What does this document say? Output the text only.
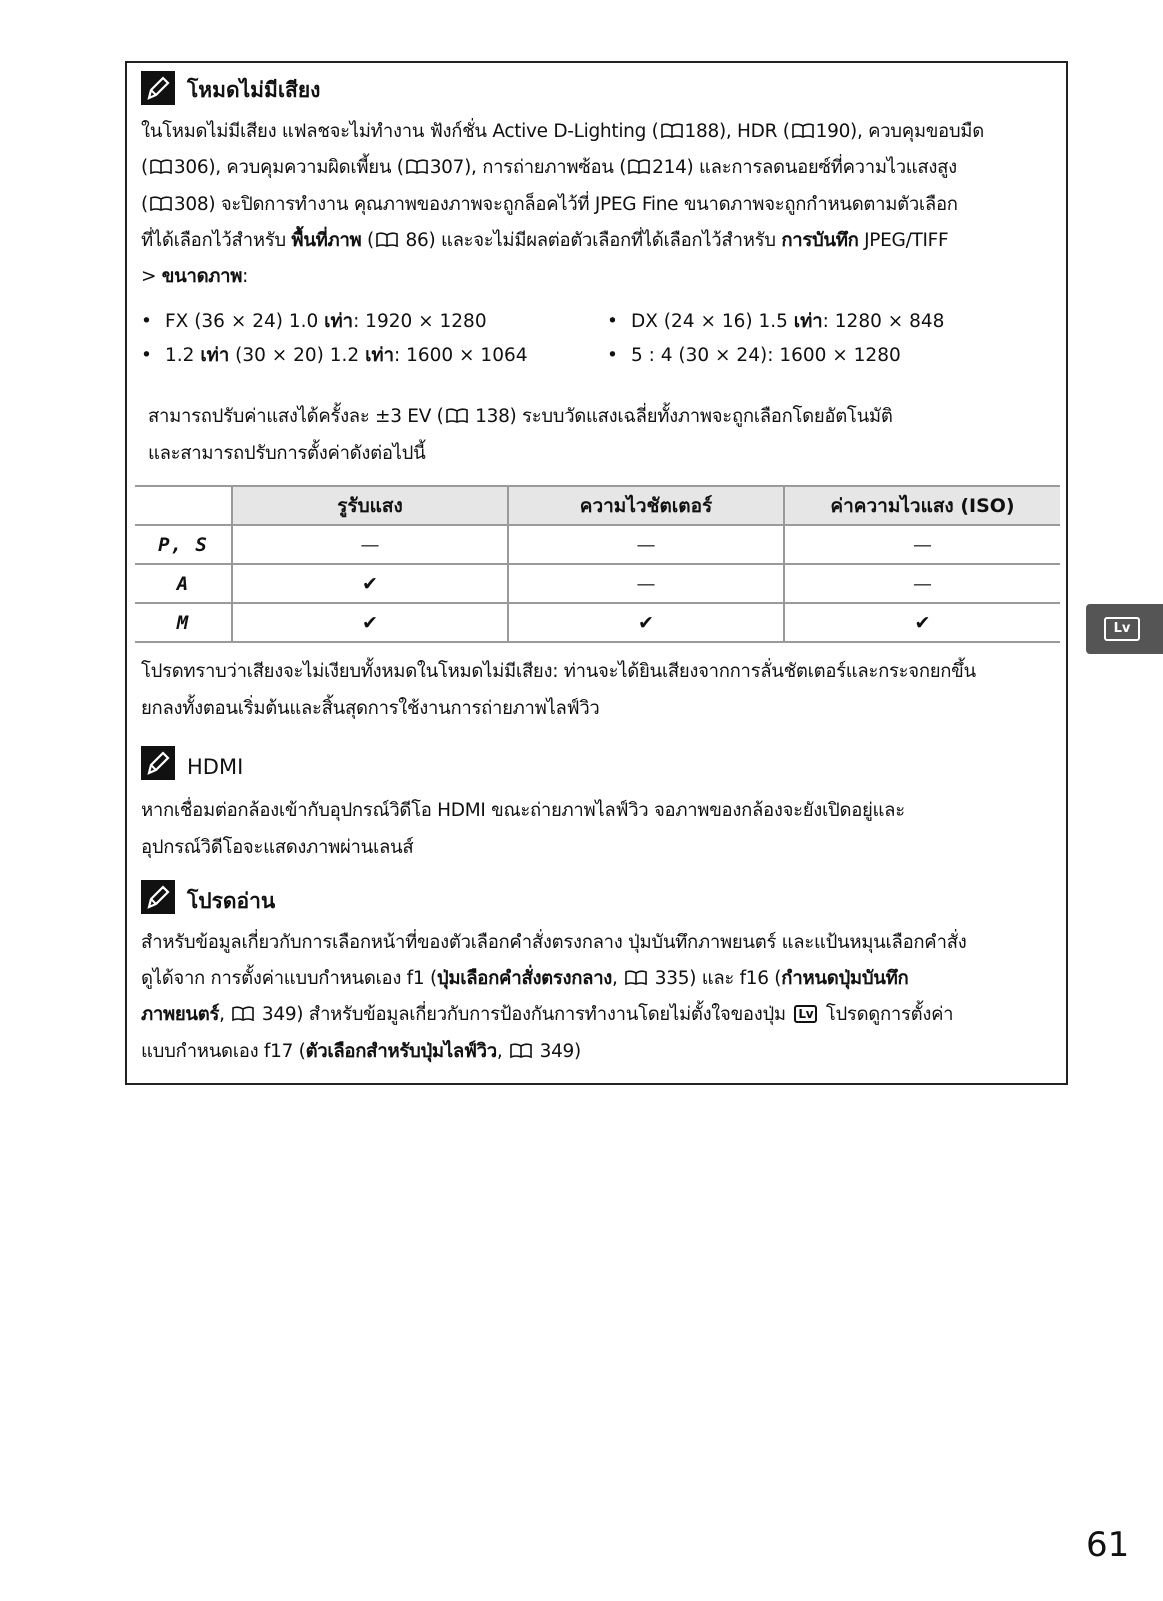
โหมดไม่มีเสียง
ในโหมดไม่มีเสียง แฟลชจะไม่ทำงาน ฟังก์ชั่น Active D-Lighting ( 188), HDR ( 190), ควบคุมขอบมืด
( 306), ควบคุมความผิดเพี้ยน ( 307), การถ่ายภาพซ้อน ( 214) และการลดนอยซ์ที่ความไวแสงสูง
( 308) จะปิดการทำงาน คุณภาพของภาพจะถูกล็อคไว้ที่ JPEG Fine ขนาดภาพจะถูกกำหนดตามตัวเลือก
ที่ได้เลือกไว้สำหรับ พื้นที่ภาพ (
86) และจะไม่มีผลต่อตัวเลือกที่ได้เลือกไว้สำหรับ การบันทึก JPEG/TIFF
> ขนาดภาพ:
• FX (36 × 24) 1.0 เท่า: 1920 × 1280	• DX (24 × 16) 1.5 เท่า: 1280 × 848
• 1.2 เท่า (30 × 20) 1.2 เท่า: 1600 × 1064	• 5 : 4 (30 × 24): 1600 × 1280
สามารถปรับค่าแสงได้ครั้งละ ±3 EV (
138) ระบบวัดแสงเฉลี่ยทั้งภาพจะถูกเลือกโดยอัตโนมัติ
และสามารถปรับการตั้งค่าดังต่อไปนี้
	รูรับแสง	ความไวชัตเตอร์	ค่าความไวแสง (ISO)
P, S	—	—	—
A	✔	—	—
M	✔	✔	✔
โปรดทราบว่าเสียงจะไม่เงียบทั้งหมดในโหมดไม่มีเสียง: ท่านจะได้ยินเสียงจากการลั่นชัตเตอร์และกระจกยกขึ้น
ยกลงทั้งตอนเริ่มต้นและสิ้นสุดการใช้งานการถ่ายภาพไลฟ์วิว
HDMI
หากเชื่อมต่อกล้องเข้ากับอุปกรณ์วิดีโอ HDMI ขณะถ่ายภาพไลฟ์วิว จอภาพของกล้องจะยังเปิดอยู่และ
อุปกรณ์วิดีโอจะแสดงภาพผ่านเลนส์
โปรดอ่าน
สำหรับข้อมูลเกี่ยวกับการเลือกหน้าที่ของตัวเลือกคำสั่งตรงกลาง ปุ่มบันทึกภาพยนตร์ และแป้นหมุนเลือกคำสั่ง
ดูได้จาก การตั้งค่าแบบกำหนดเอง f1 (ปุ่มเลือกคำสั่งตรงกลาง,
335) และ f16 (กำหนดปุ่มบันทึก
ภาพยนตร์,
349) สำหรับข้อมูลเกี่ยวกับการป้องกันการทำงานโดยไม่ตั้งใจของปุ่ม Lv โปรดดูการตั้งค่า
แบบกำหนดเอง f17 (ตัวเลือกสำหรับปุ่มไลฟ์วิว,
349)
Lv
61
